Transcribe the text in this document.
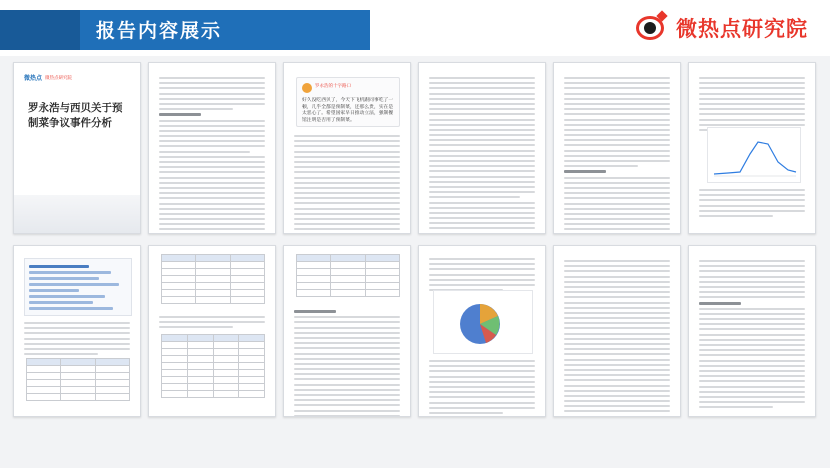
报告内容展示	微热点研究院
微热点 微热点研究院
罗永浩与西贝关于预制菜争议事件分析
罗永浩的十字路口
好久没吃西贝了，今天下飞机跟同事吃了一顿，几乎全都是预制菜，还那么贵，实在是太恶心了。希望国家早日推动立法，强制餐馆注明是否用了预制菜。
